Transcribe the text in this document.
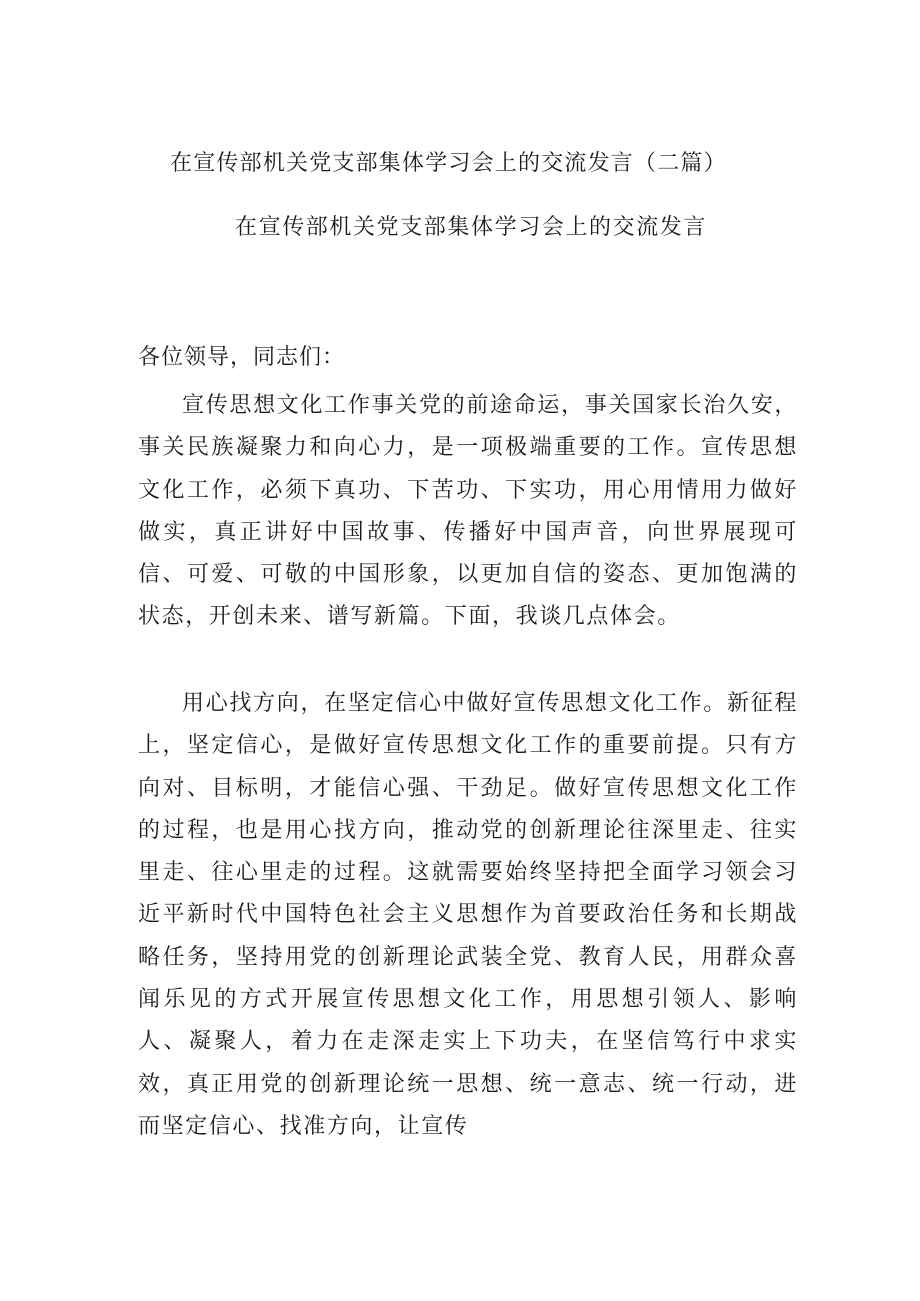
在宣传部机关党支部集体学习会上的交流发言（二篇）
在宣传部机关党支部集体学习会上的交流发言
各位领导，同志们：

宣传思想文化工作事关党的前途命运，事关国家长治久安，事关民族凝聚力和向心力，是一项极端重要的工作。宣传思想文化工作，必须下真功、下苦功、下实功，用心用情用力做好做实，真正讲好中国故事、传播好中国声音，向世界展现可信、可爱、可敬的中国形象，以更加自信的姿态、更加饱满的状态，开创未来、谱写新篇。下面，我谈几点体会。

用心找方向，在坚定信心中做好宣传思想文化工作。新征程上，坚定信心，是做好宣传思想文化工作的重要前提。只有方向对、目标明，才能信心强、干劲足。做好宣传思想文化工作的过程，也是用心找方向，推动党的创新理论往深里走、往实里走、往心里走的过程。这就需要始终坚持把全面学习领会习近平新时代中国特色社会主义思想作为首要政治任务和长期战略任务，坚持用党的创新理论武装全党、教育人民，用群众喜闻乐见的方式开展宣传思想文化工作，用思想引领人、影响人、凝聚人，着力在走深走实上下功夫，在坚信笃行中求实效，真正用党的创新理论统一思想、统一意志、统一行动，进而坚定信心、找准方向，让宣传
